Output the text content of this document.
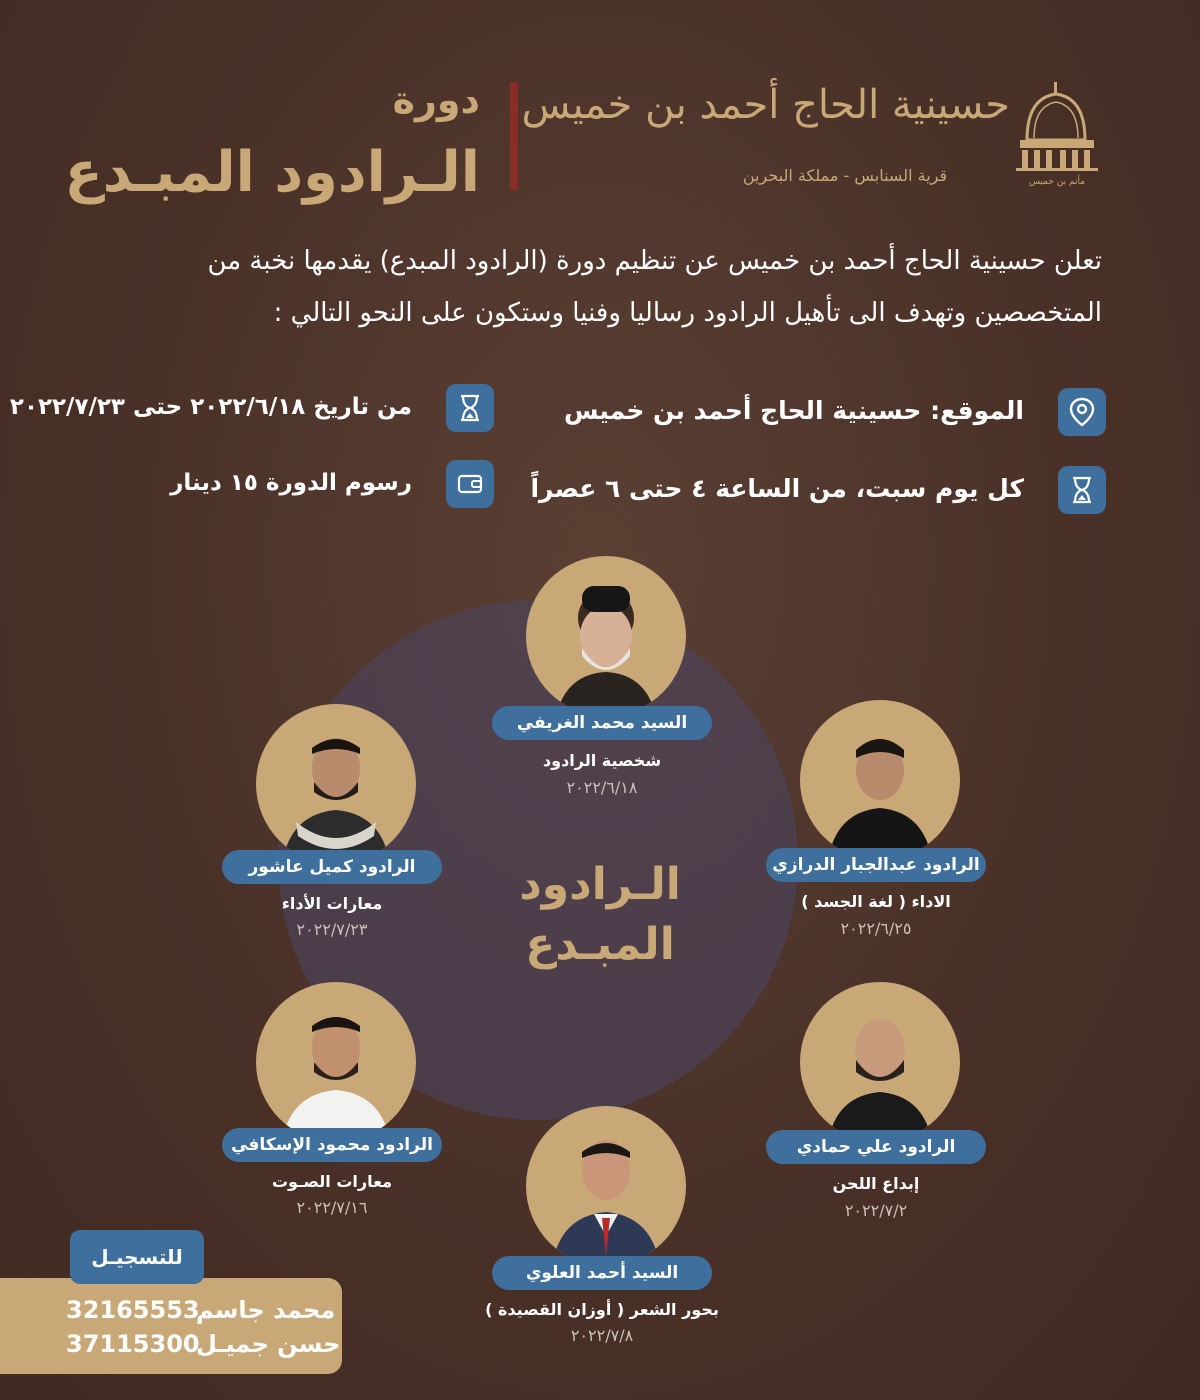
دورة
الـرادود المبـدع
حسينية الحاج أحمد بن خميس
قرية السنابس - مملكة البحرين	مأتم بن خميس
تعلن حسينية الحاج أحمد بن خميس عن تنظيم دورة (الرادود المبدع) يقدمها نخبة من المتخصصين وتهدف الى تأهيل الرادود رساليا وفنيا وستكون على النحو التالي :
الموقع: حسينية الحاج أحمد بن خميس
كل يوم سبت، من الساعة ٤ حتى ٦ عصراً
من تاريخ ٢٠٢٢/٦/١٨ حتى ٢٠٢٢/٧/٢٣
رسوم الدورة ١٥ دينار
الـرادود المبـدع
السيد محمد الغريفي
شخصية الرادود
٢٠٢٢/٦/١٨
الرادود عبدالجبار الدرازي
الاداء ( لغة الجسد )
٢٠٢٢/٦/٢٥
الرادود علي حمادي
إبداع اللحن
٢٠٢٢/٧/٢
السيد أحمد العلوي
بحور الشعر ( أوزان القصيدة )
٢٠٢٢/٧/٨
الرادود محمود الإسكافي
معارات الصـوت
٢٠٢٢/٧/١٦
الرادود كميل عاشور
معارات الأداء
٢٠٢٢/٧/٢٣
للتسجيـل
32165553
محمد جاسم
37115300
حسن جميـل
